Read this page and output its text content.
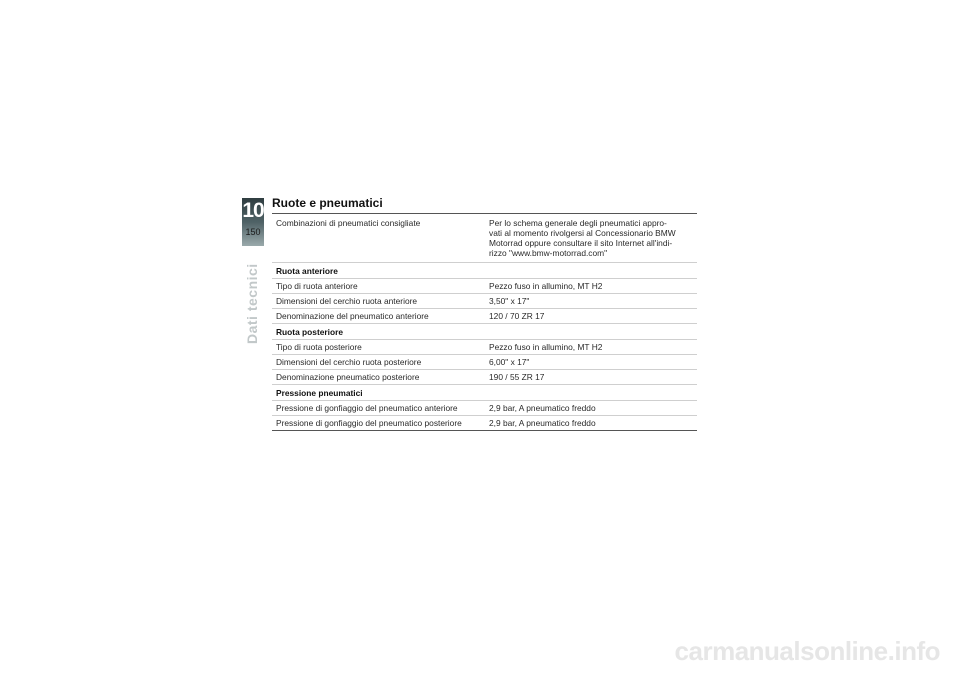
10
150
Dati tecnici
Ruote e pneumatici
Combinazioni di pneumatici consigliate	Per lo schema generale degli pneumatici appro-
vati al momento rivolgersi al Concessionario BMW
Motorrad oppure consultare il sito Internet all'indi-
rizzo "www.bmw-motorrad.com"
Ruota anteriore	
Tipo di ruota anteriore	Pezzo fuso in allumino, MT H2
Dimensioni del cerchio ruota anteriore	3,50" x 17"
Denominazione del pneumatico anteriore	120 / 70 ZR 17
Ruota posteriore	
Tipo di ruota posteriore	Pezzo fuso in allumino, MT H2
Dimensioni del cerchio ruota posteriore	6,00" x 17"
Denominazione pneumatico posteriore	190 / 55 ZR 17
Pressione pneumatici	
Pressione di gonfiaggio del pneumatico anteriore	2,9 bar, A pneumatico freddo
Pressione di gonfiaggio del pneumatico posteriore	2,9 bar, A pneumatico freddo
carmanualsonline.info
